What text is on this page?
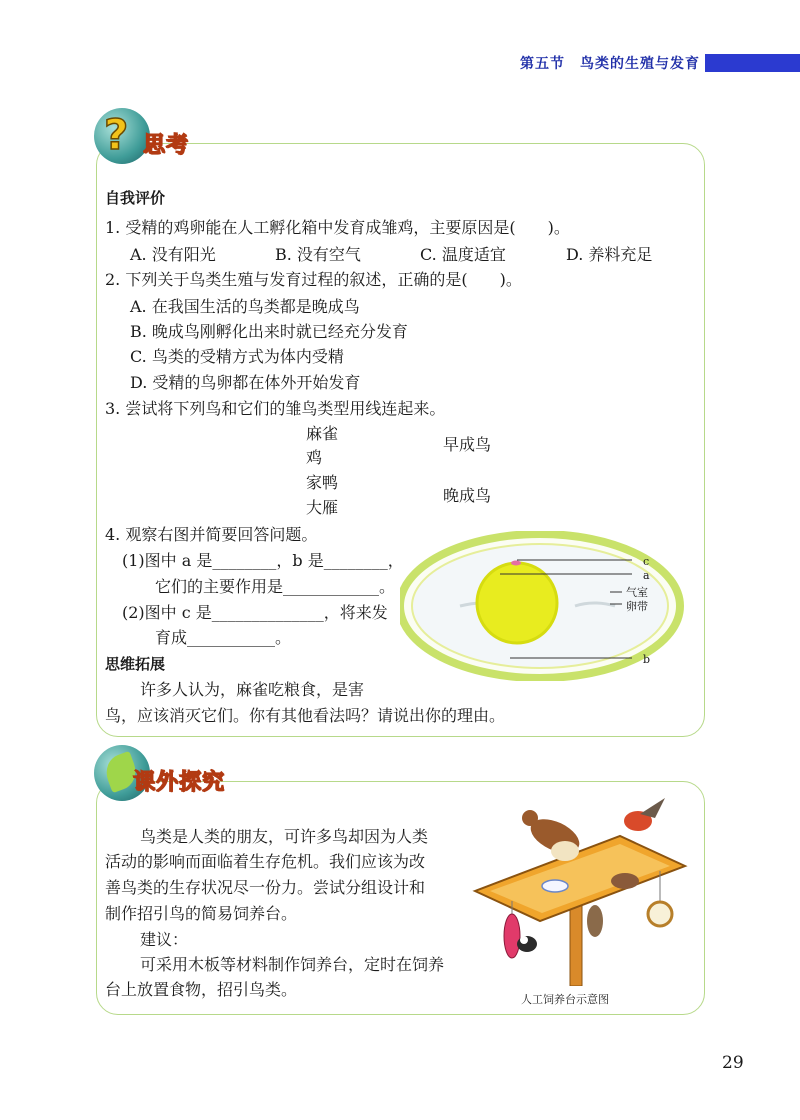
第五节　鸟类的生殖与发育
? 思考
自我评价
1. 受精的鸡卵能在人工孵化箱中发育成雏鸡，主要原因是(　　)。
A. 没有阳光	B. 没有空气	C. 温度适宜	D. 养料充足
2. 下列关于鸟类生殖与发育过程的叙述，正确的是(　　)。
A. 在我国生活的鸟类都是晚成鸟
B. 晚成鸟刚孵化出来时就已经充分发育
C. 鸟类的受精方式为体内受精
D. 受精的鸟卵都在体外开始发育
3. 尝试将下列鸟和它们的雏鸟类型用线连起来。
麻雀
鸡
家鸭
大雁
早成鸟
晚成鸟
4. 观察右图并简要回答问题。
(1)图中 a 是________，b 是________，
它们的主要作用是____________。
(2)图中 c 是______________，将来发
育成___________。
c
a
气室
卵带
b
思维拓展
许多人认为，麻雀吃粮食，是害
鸟，应该消灭它们。你有其他看法吗？请说出你的理由。
课外探究
鸟类是人类的朋友，可许多鸟却因为人类
活动的影响而面临着生存危机。我们应该为改
善鸟类的生存状况尽一份力。尝试分组设计和
制作招引鸟的简易饲养台。
建议：
可采用木板等材料制作饲养台，定时在饲养
台上放置食物，招引鸟类。
人工饲养台示意图
29
